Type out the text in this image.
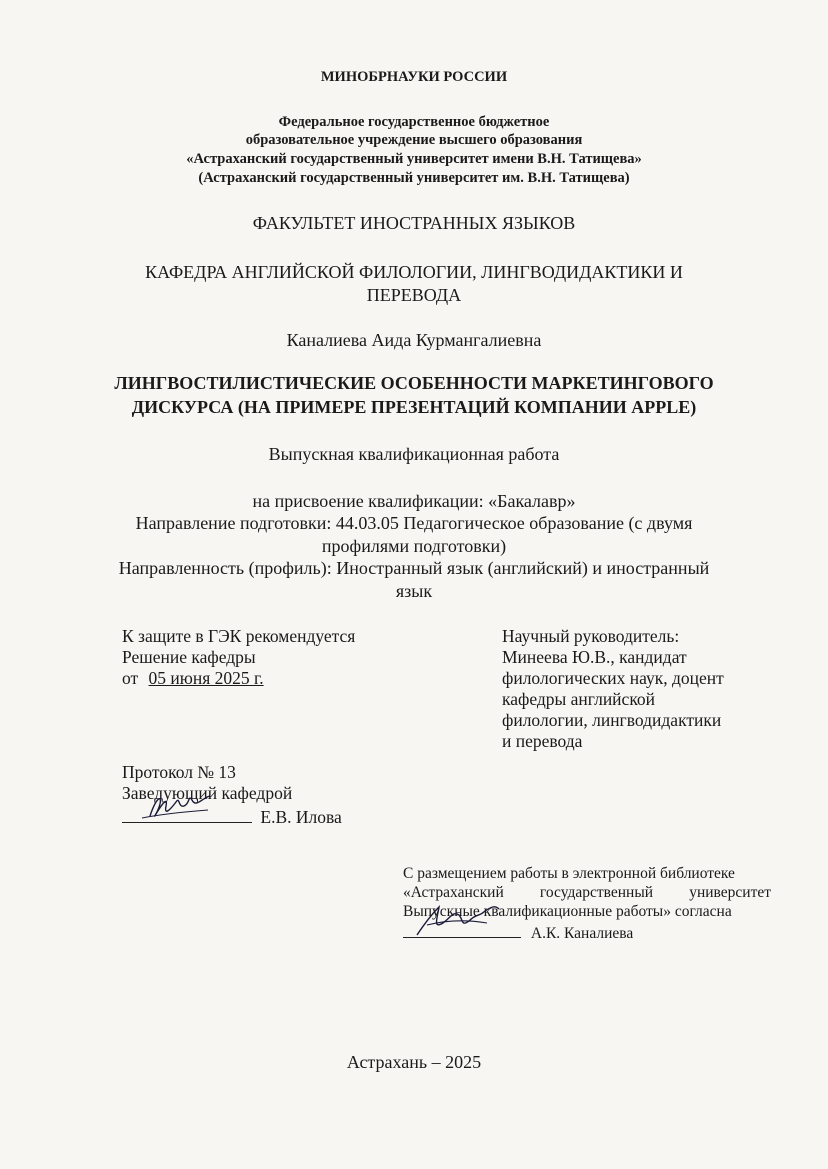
МИНОБРНАУКИ РОССИИ
Федеральное государственное бюджетное
образовательное учреждение высшего образования
«Астраханский государственный университет имени В.Н. Татищева»
(Астраханский государственный университет им. В.Н. Татищева)
ФАКУЛЬТЕТ ИНОСТРАННЫХ ЯЗЫКОВ
КАФЕДРА АНГЛИЙСКОЙ ФИЛОЛОГИИ, ЛИНГВОДИДАКТИКИ И
ПЕРЕВОДА
Каналиева Аида Курмангалиевна
ЛИНГВОСТИЛИСТИЧЕСКИЕ ОСОБЕННОСТИ МАРКЕТИНГОВОГО
ДИСКУРСА (НА ПРИМЕРЕ ПРЕЗЕНТАЦИЙ КОМПАНИИ APPLE)
Выпускная квалификационная работа
на присвоение квалификации: «Бакалавр»
Направление подготовки: 44.03.05 Педагогическое образование (с двумя
профилями подготовки)
Направленность (профиль): Иностранный язык (английский) и иностранный
язык
К защите в ГЭК рекомендуется
Решение кафедры
от 05 июня 2025 г.
Научный руководитель:
Минеева Ю.В., кандидат
филологических наук, доцент
кафедры английской
филологии, лингводидактики
и перевода
Протокол № 13
Заведующий кафедрой
Е.В. Илова
С размещением работы в электронной библиотеке
«Астраханский государственный университет
Выпускные квалификационные работы» согласна
А.К. Каналиева
Астрахань – 2025
